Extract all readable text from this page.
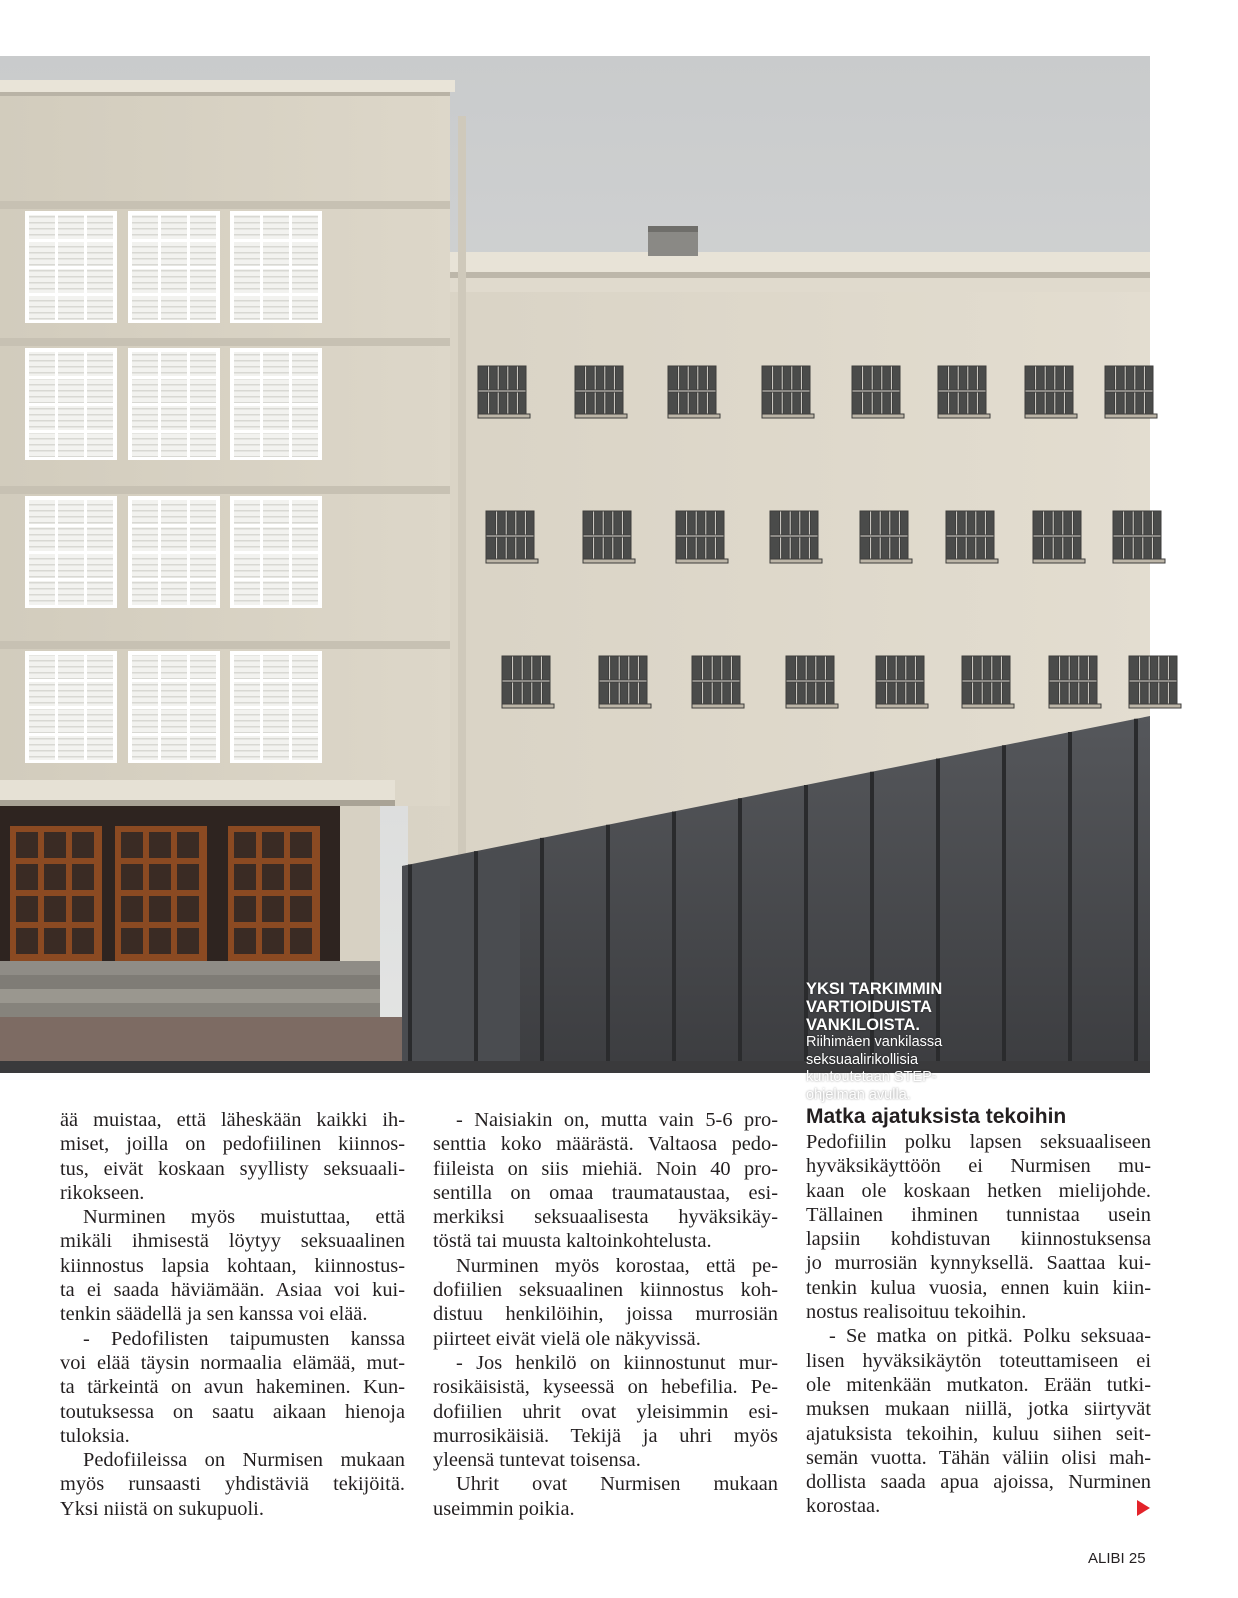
YKSI TARKIMMIN
VARTIOIDUISTA
VANKILOISTA.
Riihimäen vankilassa
seksuaalirikollisia
kuntoutetaan STEP-
ohjelman avulla.
ää muistaa, että läheskään kaikki ih-
miset, joilla on pedofiilinen kiinnos-
tus, eivät koskaan syyllisty seksuaali-
rikokseen.
Nurminen myös muistuttaa, että
mikäli ihmisestä löytyy seksuaalinen
kiinnostus lapsia kohtaan, kiinnostus-
ta ei saada häviämään. Asiaa voi kui-
tenkin säädellä ja sen kanssa voi elää.
- Pedofilisten taipumusten kanssa
voi elää täysin normaalia elämää, mut-
ta tärkeintä on avun hakeminen. Kun-
toutuksessa on saatu aikaan hienoja
tuloksia.
Pedofiileissa on Nurmisen mukaan
myös runsaasti yhdistäviä tekijöitä.
Yksi niistä on sukupuoli.
- Naisiakin on, mutta vain 5-6 pro-
senttia koko määrästä. Valtaosa pedo-
fiileista on siis miehiä. Noin 40 pro-
sentilla on omaa traumataustaa, esi-
merkiksi seksuaalisesta hyväksikäy-
töstä tai muusta kaltoinkohtelusta.
Nurminen myös korostaa, että pe-
dofiilien seksuaalinen kiinnostus koh-
distuu henkilöihin, joissa murrosiän
piirteet eivät vielä ole näkyvissä.
- Jos henkilö on kiinnostunut mur-
rosikäisistä, kyseessä on hebefilia. Pe-
dofiilien uhrit ovat yleisimmin esi-
murrosikäisiä. Tekijä ja uhri myös
yleensä tuntevat toisensa.
Uhrit ovat Nurmisen mukaan
useimmin poikia.
Matka ajatuksista tekoihin
Pedofiilin polku lapsen seksuaaliseen
hyväksikäyttöön ei Nurmisen mu-
kaan ole koskaan hetken mielijohde.
Tällainen ihminen tunnistaa usein
lapsiin kohdistuvan kiinnostuksensa
jo murrosiän kynnyksellä. Saattaa kui-
tenkin kulua vuosia, ennen kuin kiin-
nostus realisoituu tekoihin.
- Se matka on pitkä. Polku seksuaa-
lisen hyväksikäytön toteuttamiseen ei
ole mitenkään mutkaton. Erään tutki-
muksen mukaan niillä, jotka siirtyvät
ajatuksista tekoihin, kuluu siihen seit-
semän vuotta. Tähän väliin olisi mah-
dollista saada apua ajoissa, Nurminen
korostaa.
ALIBI 25
